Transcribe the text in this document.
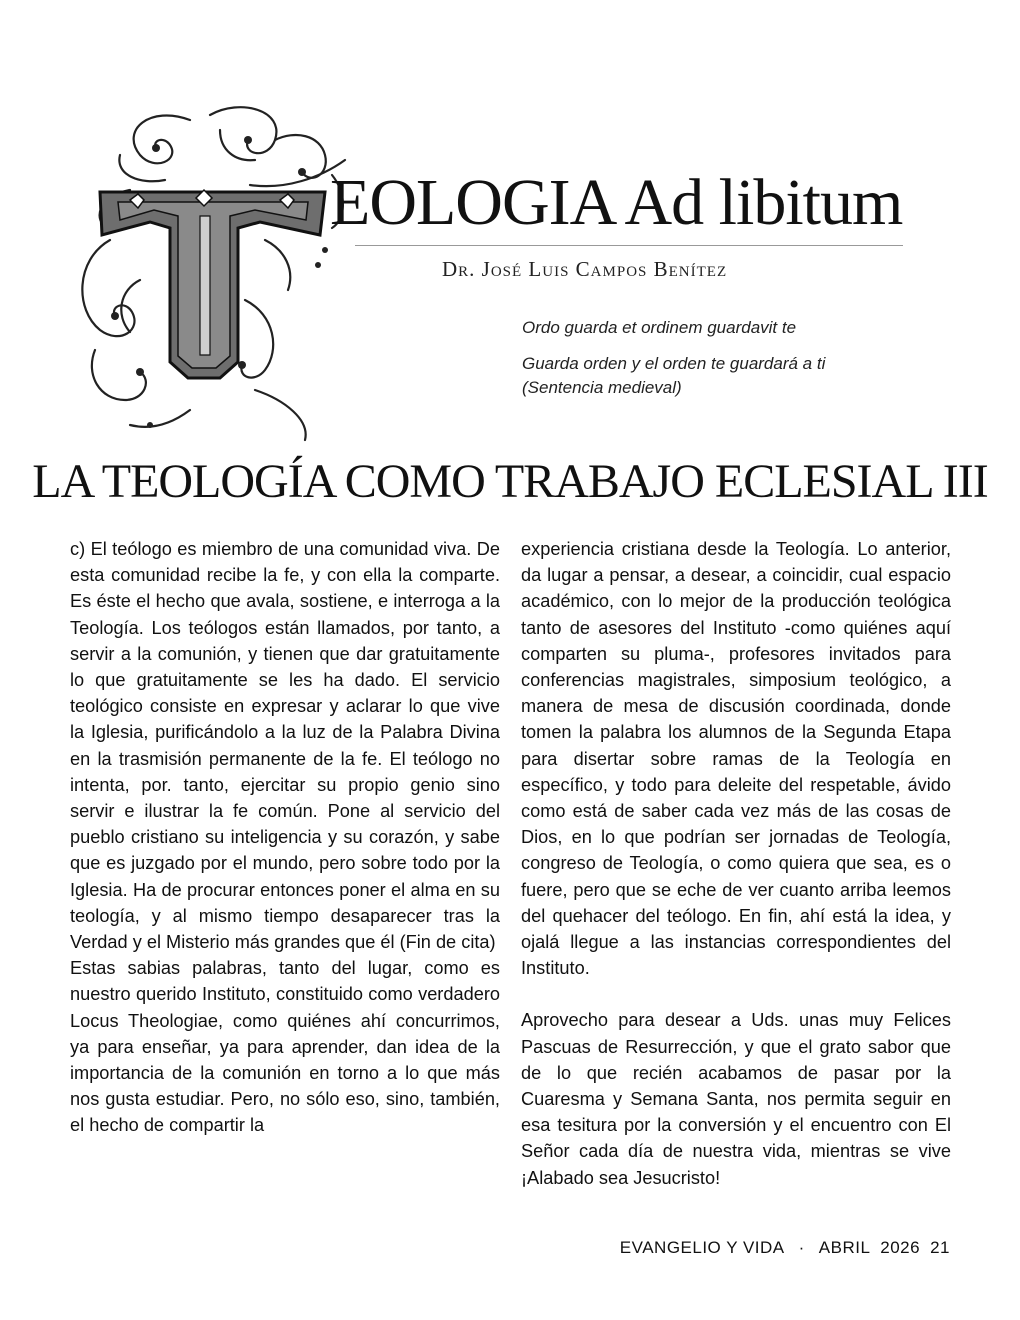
EOLOGIA Ad libitum
Dr. José Luis Campos Benítez
Ordo guarda et ordinem guardavit te
Guarda orden y el orden te guardará a ti
(Sentencia medieval)
LA TEOLOGÍA COMO TRABAJO ECLESIAL III

c) El teólogo es miembro de una comunidad viva. De esta comunidad recibe la fe, y con ella la comparte. Es éste el hecho que avala, sostiene, e interroga a la Teología. Los teólogos están llamados, por tanto, a servir a la comunión, y tienen que dar gratuitamente lo que gratuitamente se les ha dado. El servicio teológico consiste en expresar y aclarar lo que vive la Iglesia, purificándolo a la luz de la Palabra Divina en la trasmisión permanente de la fe. El teólogo no intenta, por. tanto, ejercitar su propio genio sino servir e ilustrar la fe común. Pone al servicio del pueblo cristiano su inteligencia y su corazón, y sabe que es juzgado por el mundo, pero sobre todo por la Iglesia. Ha de procurar entonces poner el alma en su teología, y al mismo tiempo desaparecer tras la Verdad y el Misterio más grandes que él (Fin de cita)

Estas sabias palabras, tanto del lugar, como es nuestro querido Instituto, constituido como verdadero Locus Theologiae, como quiénes ahí concurrimos, ya para enseñar, ya para aprender, dan idea de la importancia de la comunión en torno a lo que más nos gusta estudiar. Pero, no sólo eso, sino, también, el hecho de compartir la

experiencia cristiana desde la Teología. Lo anterior, da lugar a pensar, a desear, a coincidir, cual espacio académico, con lo mejor de la producción teológica tanto de asesores del Instituto -como quiénes aquí comparten su pluma-, profesores invitados para conferencias magistrales, simposium teológico, a manera de mesa de discusión coordinada, donde tomen la palabra los alumnos de la Segunda Etapa para disertar sobre ramas de la Teología en específico, y todo para deleite del respetable, ávido como está de saber cada vez más de las cosas de Dios, en lo que podrían ser jornadas de Teología, congreso de Teología, o como quiera que sea, es o fuere, pero que se eche de ver cuanto arriba leemos del quehacer del teólogo. En fin, ahí está la idea, y ojalá llegue a las instancias correspondientes del Instituto.

Aprovecho para desear a Uds. unas muy Felices Pascuas de Resurrección, y que el grato sabor que de lo que recién acabamos de pasar por la Cuaresma y Semana Santa, nos permita seguir en esa tesitura por la conversión y el encuentro con El Señor cada día de nuestra vida, mientras se vive ¡Alabado sea Jesucristo!

EVANGELIO Y VIDA · ABRIL  2026 21
